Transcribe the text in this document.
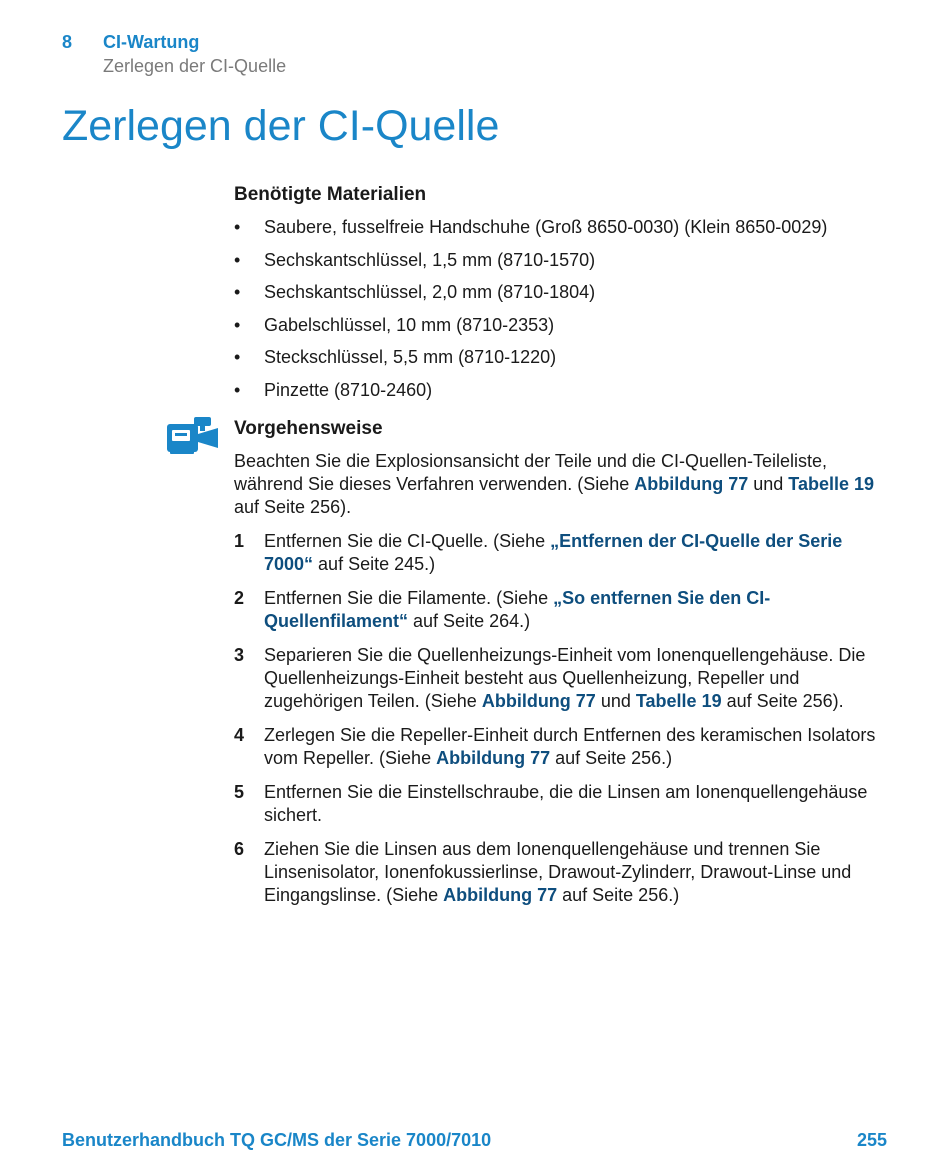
8 CI-Wartung
Zerlegen der CI-Quelle
Zerlegen der CI-Quelle

Benötigte Materialien

• Saubere, fusselfreie Handschuhe (Groß 8650-0030) (Klein 8650-0029)
• Sechskantschlüssel, 1,5 mm (8710-1570)
• Sechskantschlüssel, 2,0 mm (8710-1804)
• Gabelschlüssel, 10 mm (8710-2353)
• Steckschlüssel, 5,5 mm (8710-1220)
• Pinzette (8710-2460)

Vorgehensweise

Beachten Sie die Explosionsansicht der Teile und die CI-Quellen-Teileliste, während Sie dieses Verfahren verwenden. (Siehe Abbildung 77 und Tabelle 19 auf Seite 256).

1 Entfernen Sie die CI-Quelle. (Siehe „Entfernen der CI-Quelle der Serie 7000“ auf Seite 245.)
2 Entfernen Sie die Filamente. (Siehe „So entfernen Sie den CI-Quellenfilament“ auf Seite 264.)
3 Separieren Sie die Quellenheizungs-Einheit vom Ionenquellengehäuse. Die Quellenheizungs-Einheit besteht aus Quellenheizung, Repeller und zugehörigen Teilen. (Siehe Abbildung 77 und Tabelle 19 auf Seite 256).
4 Zerlegen Sie die Repeller-Einheit durch Entfernen des keramischen Isolators vom Repeller. (Siehe Abbildung 77 auf Seite 256.)
5 Entfernen Sie die Einstellschraube, die die Linsen am Ionenquellengehäuse sichert.
6 Ziehen Sie die Linsen aus dem Ionenquellengehäuse und trennen Sie Linsenisolator, Ionenfokussierlinse, Drawout-Zylinderr, Drawout-Linse und Eingangslinse. (Siehe Abbildung 77 auf Seite 256.)
Benutzerhandbuch TQ GC/MS der Serie 7000/7010	255
